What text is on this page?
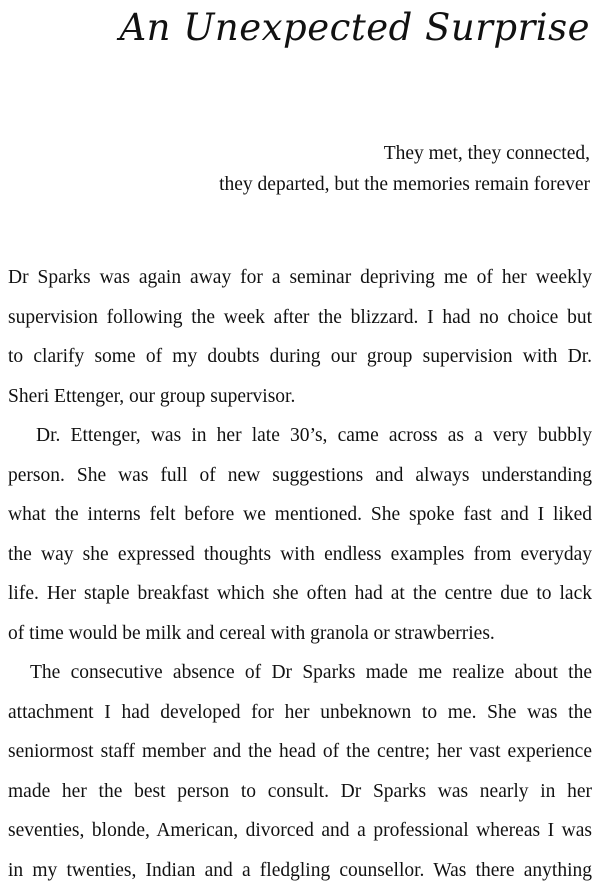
An Unexpected Surprise
They met, they connected,
they departed, but the memories remain forever

Dr Sparks was again away for a seminar depriving me of her weekly
supervision following the week after the blizzard. I had no choice but
to clarify some of my doubts during our group supervision with Dr.
Sheri Ettenger, our group supervisor.

Dr. Ettenger, was in her late 30’s, came across as a very bubbly
person. She was full of new suggestions and always understanding
what the interns felt before we mentioned. She spoke fast and I liked
the way she expressed thoughts with endless examples from everyday
life. Her staple breakfast which she often had at the centre due to lack
of time would be milk and cereal with granola or strawberries.

The consecutive absence of Dr Sparks made me realize about the
attachment I had developed for her unbeknown to me. She was the
seniormost staff member and the head of the centre; her vast experience
made her the best person to consult. Dr Sparks was nearly in her
seventies, blonde, American, divorced and a professional whereas I was
in my twenties, Indian and a fledgling counsellor. Was there anything
